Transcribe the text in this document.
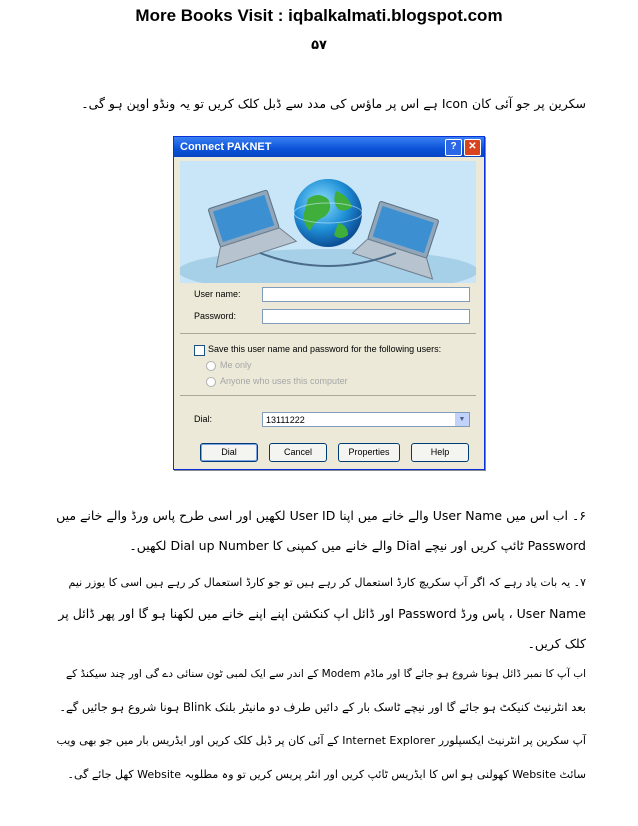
More Books Visit : iqbalkalmati.blogspot.com
۵۷
سکرین پر جو آئی کان Icon ہے اس پر ماؤس کی مدد سے ڈبل کلک کریں تو یہ ونڈو اوپن ہو گی۔
Connect PAKNET	?	✕
User name:
Password:
Save this user name and password for the following users:
Me only
Anyone who uses this computer
Dial:	13111222	▼
Dial	Cancel	Properties	Help
۶۔ اب اس میں User Name والے خانے میں اپنا User ID لکھیں اور اسی طرح پاس ورڈ والے خانے میں
Password ٹائپ کریں اور نیچے Dial والے خانے میں کمپنی کا Dial up Number لکھیں۔
۷۔ یہ بات یاد رہے کہ اگر آپ سکریچ کارڈ استعمال کر رہے ہیں تو جو کارڈ استعمال کر رہے ہیں اسی کا یوزر نیم
User Name ، پاس ورڈ Password اور ڈائل اپ کنکشن اپنے اپنے خانے میں لکھنا ہو گا اور پھر ڈائل پر
کلک کریں۔
اب آپ کا نمبر ڈائل ہونا شروع ہو جائے گا اور ماڈم Modem کے اندر سے ایک لمبی ٹون سنائی دے گی اور چند سیکنڈ کے
بعد انٹرنیٹ کنیکٹ ہو جائے گا اور نیچے ٹاسک بار کے دائیں طرف دو مانیٹر بلنک Blink ہونا شروع ہو جائیں گے۔
آپ سکرین پر انٹرنیٹ ایکسپلورر Internet Explorer کے آئی کان پر ڈبل کلک کریں اور ایڈریس بار میں جو بھی ویب
سائٹ Website کھولنی ہو اس کا ایڈریس ٹائپ کریں اور انٹر پریس کریں تو وہ مطلوبہ Website کھل جائے گی۔
